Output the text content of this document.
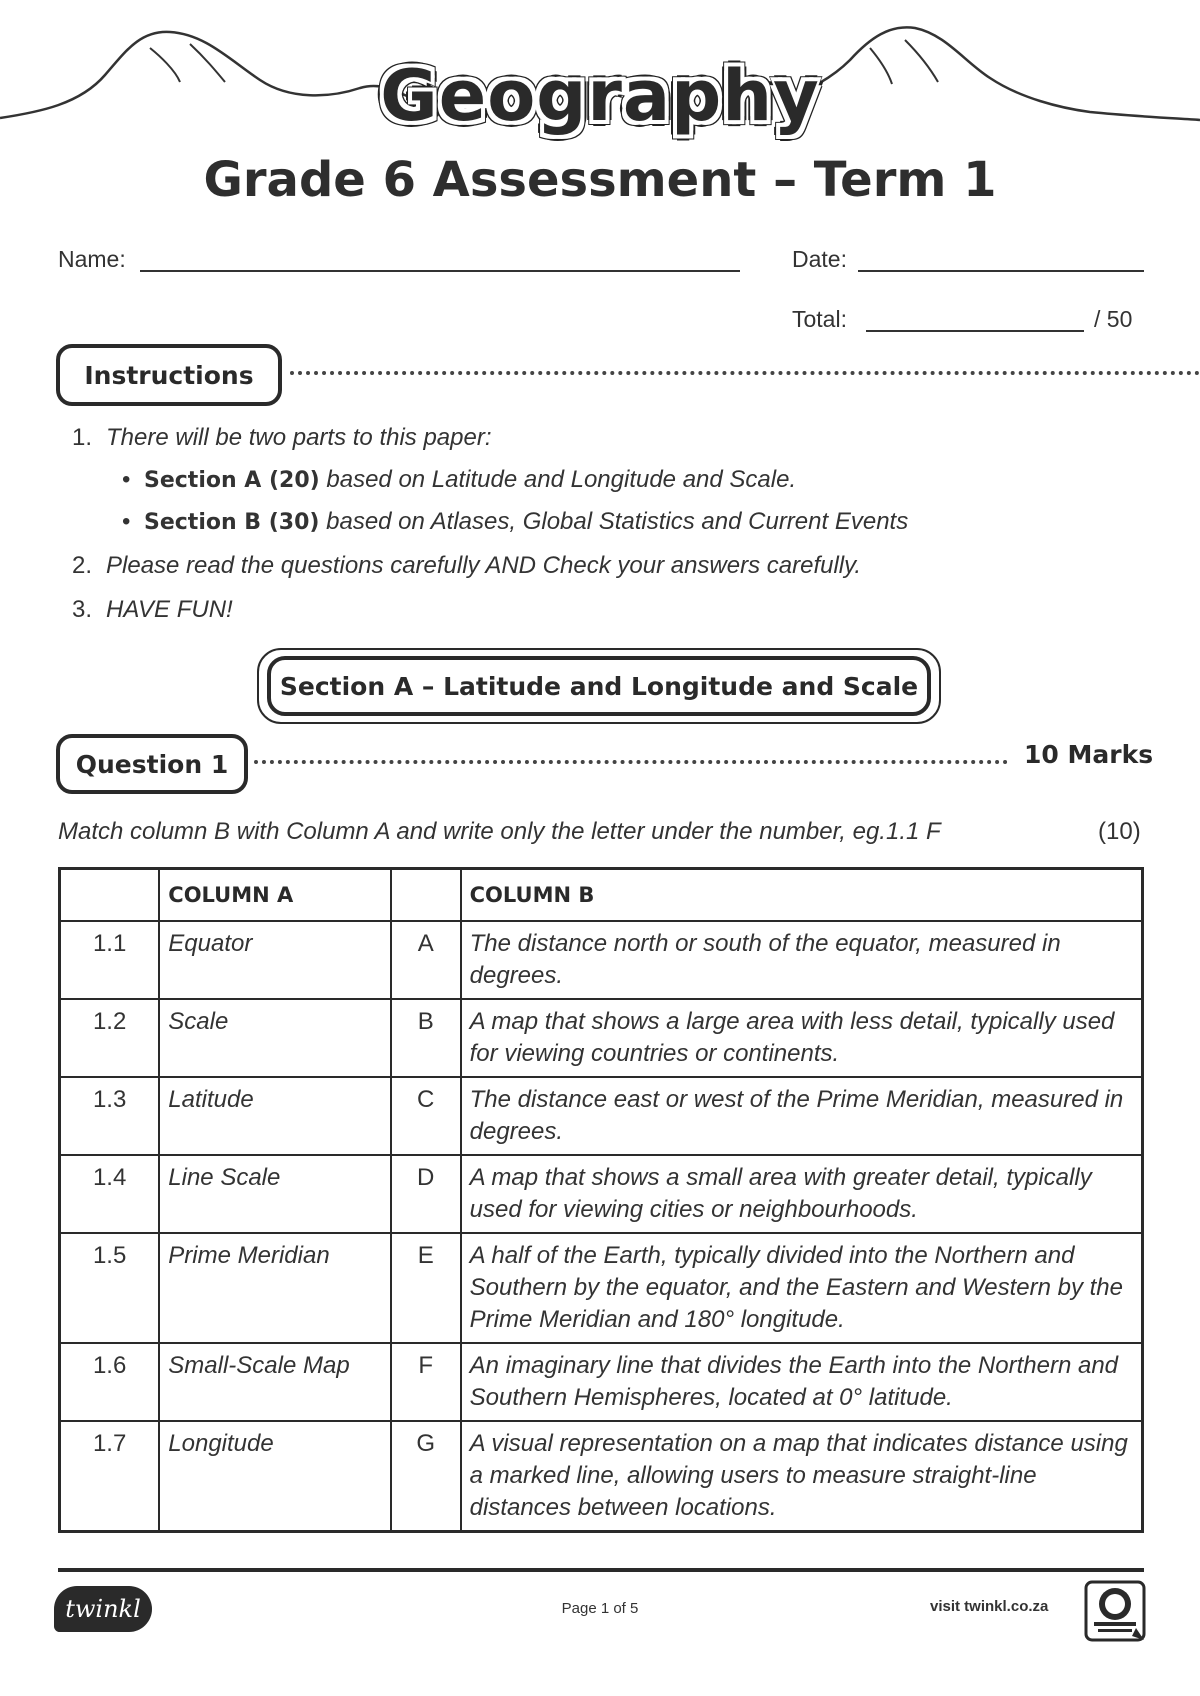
Geography
Grade 6 Assessment – Term 1
Name:	Date:
Total:	/ 50
Instructions
1. There will be two parts to this paper:
• Section A (20) based on Latitude and Longitude and Scale.
• Section B (30) based on Atlases, Global Statistics and Current Events
2. Please read the questions carefully AND Check your answers carefully.
3. HAVE FUN!
Section A – Latitude and Longitude and Scale
Question 1	10 Marks
Match column B with Column A and write only the letter under the number, eg.1.1 F	(10)
	COLUMN A		COLUMN B
1.1	Equator	A	The distance north or south of the equator, measured in degrees.
1.2	Scale	B	A map that shows a large area with less detail, typically used for viewing countries or continents.
1.3	Latitude	C	The distance east or west of the Prime Meridian, measured in degrees.
1.4	Line Scale	D	A map that shows a small area with greater detail, typically used for viewing cities or neighbourhoods.
1.5	Prime Meridian	E	A half of the Earth, typically divided into the Northern and Southern by the equator, and the Eastern and Western by the Prime Meridian and 180° longitude.
1.6	Small-Scale Map	F	An imaginary line that divides the Earth into the Northern and Southern Hemispheres, located at 0° latitude.
1.7	Longitude	G	A visual representation on a map that indicates distance using a marked line, allowing users to measure straight-line distances between locations.
twinkl	Page 1 of 5	visit twinkl.co.za
